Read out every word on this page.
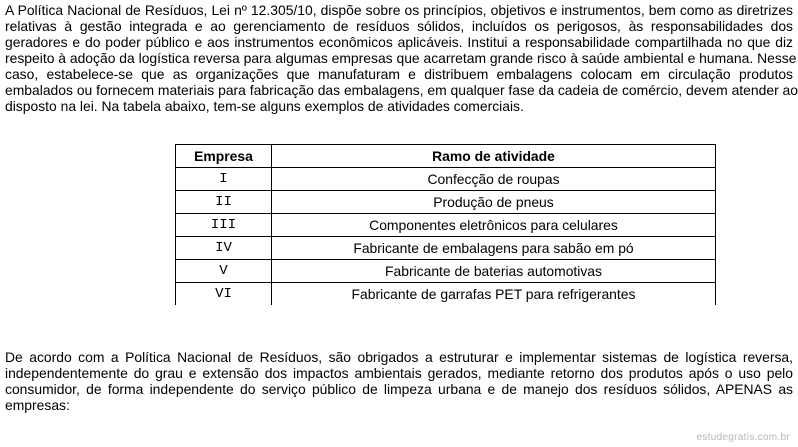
A Política Nacional de Resíduos, Lei nº 12.305/10, dispõe sobre os princípios, objetivos e instrumentos, bem como as diretrizes
relativas à gestão integrada e ao gerenciamento de resíduos sólidos, incluídos os perigosos, às responsabilidades dos
geradores e do poder público e aos instrumentos econômicos aplicáveis. Institui a responsabilidade compartilhada no que diz
respeito à adoção da logística reversa para algumas empresas que acarretam grande risco à saúde ambiental e humana. Nesse
caso, estabelece-se que as organizações que manufaturam e distribuem embalagens colocam em circulação produtos
embalados ou fornecem materiais para fabricação das embalagens, em qualquer fase da cadeia de comércio, devem atender ao
disposto na lei. Na tabela abaixo, tem-se alguns exemplos de atividades comerciais.
Empresa	Ramo de atividade
I	Confecção de roupas
II	Produção de pneus
III	Componentes eletrônicos para celulares
IV	Fabricante de embalagens para sabão em pó
V	Fabricante de baterias automotivas
VI	Fabricante de garrafas PET para refrigerantes
De acordo com a Política Nacional de Resíduos, são obrigados a estruturar e implementar sistemas de logística reversa,
independentemente do grau e extensão dos impactos ambientais gerados, mediante retorno dos produtos após o uso pelo
consumidor, de forma independente do serviço público de limpeza urbana e de manejo dos resíduos sólidos, APENAS as
empresas:
estudegratis.com.br
